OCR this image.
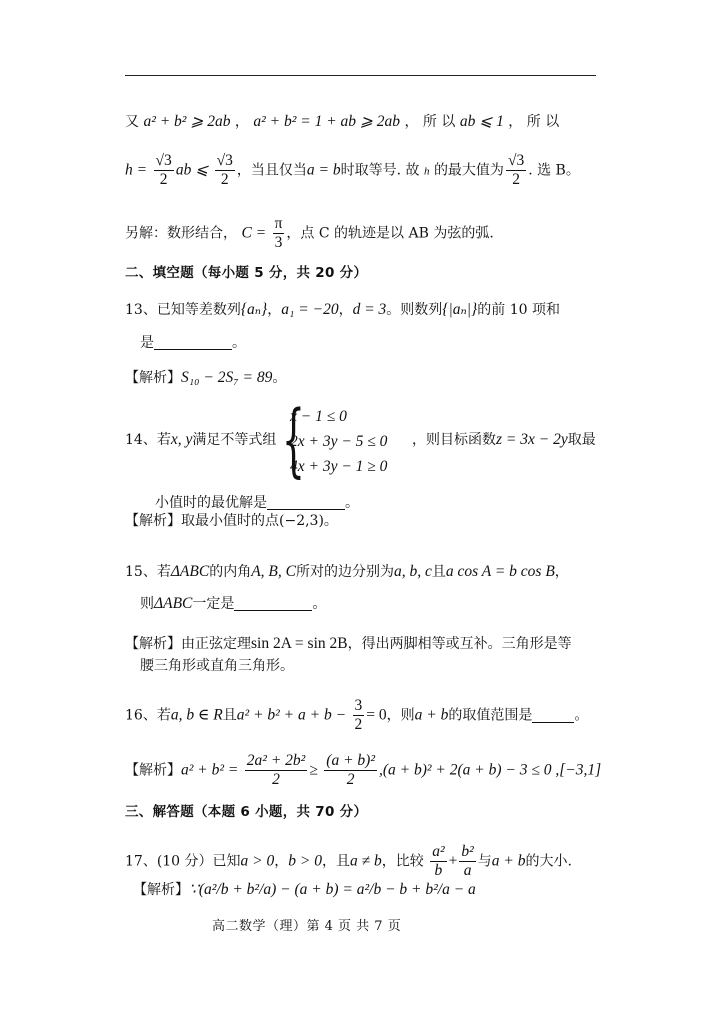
又 a² + b² ⩾ 2ab ， a² + b² = 1 + ab ⩾ 2ab ， 所 以 ab ⩽ 1 ， 所 以
$h = \frac{√3}{2}$ ab ⩽ $\frac{√3}{2}$ ，当且仅当a = b时取等号. 故 h 的最大值为 $\frac{√3}{2}$ . 选 B。
另解：数形结合， $C = \frac{\pi}{3}$ ，点 C 的轨迹是以 AB 为弦的弧.
二、填空题（每小题 5 分，共 20 分）
13、已知等差数列{aₙ}，a₁ = −20，d = 3。则数列{|aₙ|}的前 10 项和
是	。
【解析】S₁₀ − 2S₇ = 89。
14、若x, y满足不等式组 {
x − 1 ≤ 0
2x + 3y − 5 ≤ 0
4x + 3y − 1 ≥ 0
，则目标函数z = 3x − 2y取最
小值时的最优解是	。
【解析】取最小值时的点(−2,3)。
15、若ΔABC的内角A, B, C所对的边分别为a, b, c且a cos A = b cos B，
则ΔABC一定是	。
【解析】由正弦定理sin 2A = sin 2B，得出两脚相等或互补。三角形是等
腰三角形或直角三角形。
16、若a, b ∈ R且$a^2 + b^2 + a + b - \frac{3}{2} = 0$，则a + b的取值范围是	。
【解析】$a^2 + b^2 = \frac{\text{2a² + 2b²}}{2} \ge \frac{\text{(a + b)²}}{2} ,(a + b)^2 + 2(a + b) - 3 \le 0$ ,[−3,1]
三、解答题（本题 6 小题，共 70 分）
17、(10 分）已知a > 0，b > 0，且a ≠ b，比较 $\frac{\text{a²}}{b} + \frac{\text{b²}}{a}$ 与a + b的大小.
【解析】∵(a²/b + b²/a) − (a + b) = a²/b − b + b²/a − a
高二数学（理）第 4 页 共 7 页
